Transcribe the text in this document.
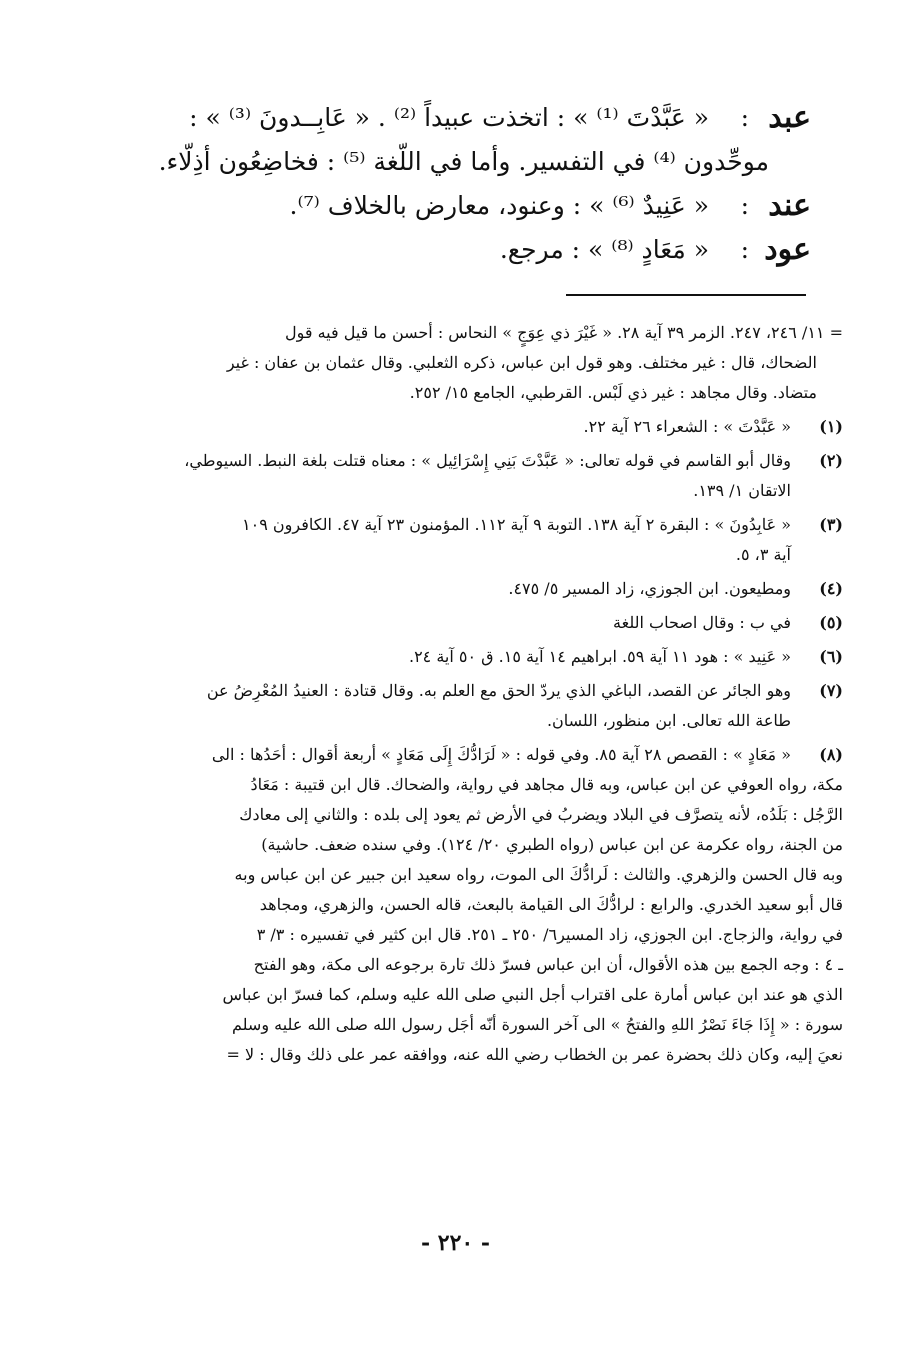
عبد
:
« عَبَّدْتَ ⁽¹⁾ » : اتخذت عبيداً ⁽²⁾ . « عَابِــدونَ ⁽³⁾ » :
موحِّدون ⁽⁴⁾ في التفسير. وأما في اللّغة ⁽⁵⁾ : فخاضِعُون أذِلّاء.
عند
:
« عَنِيدٌ ⁽⁶⁾ » : وعنود، معارض بالخلاف ⁽⁷⁾.
عود
:
« مَعَادٍ ⁽⁸⁾ » : مرجع.
= ١١/ ٢٤٦، ٢٤٧. الزمر ٣٩ آية ٢٨. « غَيْرَ ذي عِوَجٍ » النحاس : أحسن ما قيل فيه قول
الضحاك، قال : غير مختلف. وهو قول ابن عباس، ذكره الثعلبي. وقال عثمان بن عفان : غير
متضاد. وقال مجاهد : غير ذي لَبْس. القرطبي، الجامع ١٥/ ٢٥٢.
(١)
« عَبَّدْتَ » : الشعراء ٢٦ آية ٢٢.
(٢)
وقال أبو القاسم في قوله تعالى: « عَبَّدْتَ بَنِي إِسْرَائِيل » : معناه قتلت بلغة النبط. السيوطي،
الاتقان ١/ ١٣٩.
(٣)
« عَابِدُونَ » : البقرة ٢ آية ١٣٨. التوبة ٩ آية ١١٢. المؤمنون ٢٣ آية ٤٧. الكافرون ١٠٩
آية ٣، ٥.
(٤)
ومطيعون. ابن الجوزي، زاد المسير ٥/ ٤٧٥.
(٥)
في ب : وقال اصحاب اللغة
(٦)
« عَنِيد » : هود ١١ آية ٥٩. ابراهيم ١٤ آية ١٥. ق ٥٠ آية ٢٤.
(٧)
وهو الجائر عن القصد، الباغي الذي يردّ الحق مع العلم به. وقال قتادة : العنيدُ المُعْرِضُ عن
طاعة الله تعالى. ابن منظور، اللسان.
(٨)
« مَعَادٍ » : القصص ٢٨ آية ٨٥. وفي قوله : « لَرَادُّكَ إِلَى مَعَادٍ » أربعة أقوال : أحَدُها : الى
مكة، رواه العوفي عن ابن عباس، وبه قال مجاهد في رواية، والضحاك. قال ابن قتيبة : مَعَادُ
الرَّجُل : بَلَدُه، لأنه يتصرَّف في البلاد ويضربُ في الأرض ثم يعود إلى بلده : والثاني إلى معادك
من الجنة، رواه عكرمة عن ابن عباس (رواه الطبري ٢٠/ ١٢٤). وفي سنده ضعف. حاشية)
وبه قال الحسن والزهري. والثالث : لَرادُّكَ الى الموت، رواه سعيد ابن جبير عن ابن عباس وبه
قال أبو سعيد الخدري. والرابع : لرادُّكَ الى القيامة بالبعث، قاله الحسن، والزهري، ومجاهد
في رواية، والزجاج. ابن الجوزي، زاد المسير٦/ ٢٥٠ ـ ٢٥١. قال ابن كثير في تفسيره : ٣/ ٣
ـ ٤ : وجه الجمع بين هذه الأقوال، أن ابن عباس فسرّ ذلك تارة برجوعه الى مكة، وهو الفتح
الذي هو عند ابن عباس أمارة على اقتراب أجل النبي صلى الله عليه وسلم، كما فسرّ ابن عباس
سورة : « إِذَا جَاءَ نَصْرُ اللهِ والفتحُ » الى آخر السورة أنّه أجَل رسول الله صلى الله عليه وسلم
نعيَ إليه، وكان ذلك بحضرة عمر بن الخطاب رضي الله عنه، ووافقه عمر على ذلك وقال : لا =
- ٢٢٠ -
